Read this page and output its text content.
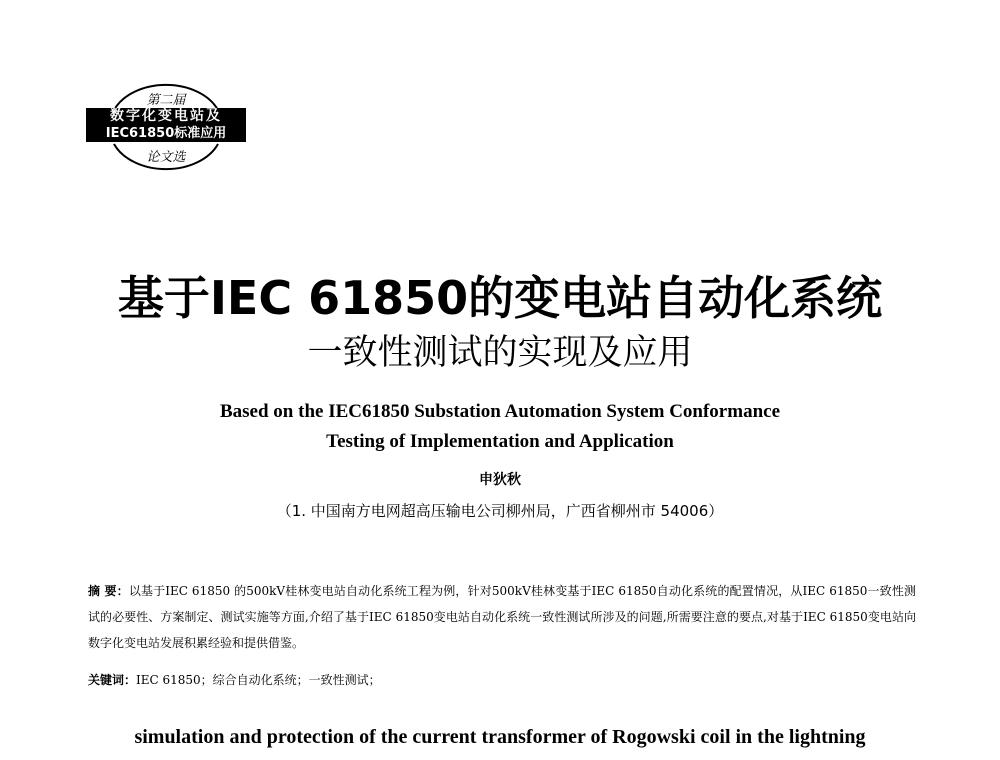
第二届
数字化变电站及
IEC61850标准应用
论文选
基于IEC 61850的变电站自动化系统
一致性测试的实现及应用
Based on the IEC61850 Substation Automation System Conformance
Testing of Implementation and Application
申狄秋
（1. 中国南方电网超高压输电公司柳州局，广西省柳州市 54006）
摘 要：以基于IEC 61850 的500kV桂林变电站自动化系统工程为例，针对500kV桂林变基于IEC 61850自动化系统的配置情况，从IEC 61850一致性测试的必要性、方案制定、测试实施等方面,介绍了基于IEC 61850变电站自动化系统一致性测试所涉及的问题,所需要注意的要点,对基于IEC 61850变电站向数字化变电站发展积累经验和提供借鉴。
关键词：IEC 61850；综合自动化系统；一致性测试；
simulation and protection of the current transformer of Rogowski coil in the lightning
